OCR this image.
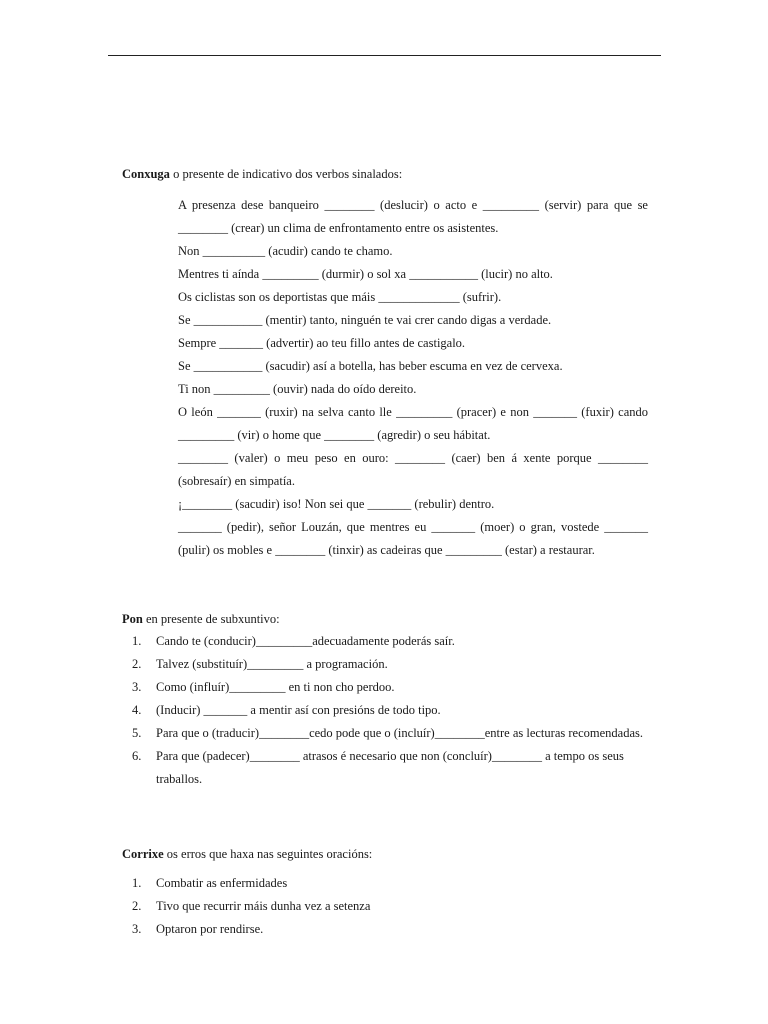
Conxuga o presente de indicativo dos verbos sinalados:

A presenza dese banqueiro ________ (deslucir) o acto e _________ (servir) para que se ________ (crear) un clima de enfrontamento entre os asistentes.

Non __________ (acudir) cando te chamo.

Mentres ti aínda _________ (durmir) o sol xa ___________ (lucir) no alto.

Os ciclistas son os deportistas que máis _____________ (sufrir).

Se ___________ (mentir) tanto, ninguén te vai crer cando digas a verdade.

Sempre _______ (advertir) ao teu fillo antes de castigalo.

Se ___________ (sacudir) así a botella, has beber escuma en vez de cervexa.

Ti non _________ (ouvir) nada do oído dereito.

O león _______ (ruxir) na selva canto lle _________ (pracer) e non _______ (fuxir) cando _________ (vir) o home que ________ (agredir) o seu hábitat.

________ (valer) o meu peso en ouro: ________ (caer) ben á xente porque ________ (sobresaír) en simpatía.

¡________ (sacudir) iso! Non sei que _______ (rebulir) dentro.

_______ (pedir), señor Louzán, que mentres eu _______ (moer) o gran, vostede _______ (pulir) os mobles e ________ (tinxir) as cadeiras que _________ (estar) a restaurar.

Pon en presente de subxuntivo:
1. Cando te (conducir)_________adecuadamente poderás saír.
2. Talvez (substituír)_________ a programación.
3. Como (influír)_________ en ti non cho perdoo.
4. (Inducir) _______ a mentir así con presións de todo tipo.
5. Para que o (traducir)________cedo pode que o (incluír)________entre as lecturas recomendadas.
6. Para que (padecer)________ atrasos é necesario que non (concluír)________ a tempo os seus traballos.
Corrixe os erros que haxa nas seguintes oracións:
1. Combatir as enfermidades
2. Tivo que recurrir máis dunha vez a setenza
3. Optaron por rendirse.
